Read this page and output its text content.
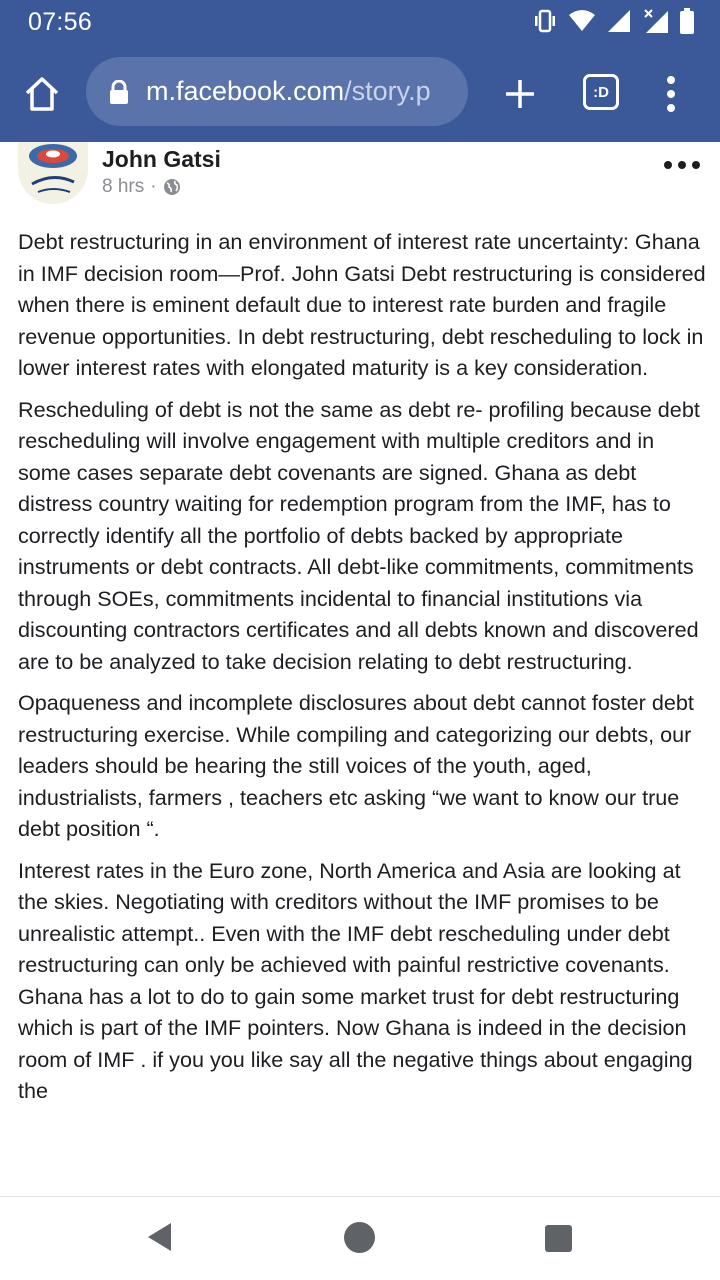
07:56
m.facebook.com /story.p	:D
John Gatsi
8 hrs ·

Debt restructuring in an environment of interest rate uncertainty: Ghana in IMF decision room—Prof. John Gatsi Debt restructuring is considered when there is eminent default due to interest rate burden and fragile revenue opportunities. In debt restructuring, debt rescheduling to lock in lower interest rates with elongated maturity is a key consideration.

Rescheduling of debt is not the same as debt re- profiling because debt rescheduling will involve engagement with multiple creditors and in some cases separate debt covenants are signed. Ghana as debt distress country waiting for redemption program from the IMF, has to correctly identify all the portfolio of debts backed by appropriate instruments or debt contracts. All debt-like commitments, commitments through SOEs, commitments incidental to financial institutions via discounting contractors certificates and all debts known and discovered are to be analyzed to take decision relating to debt restructuring.

Opaqueness and incomplete disclosures about debt cannot foster debt restructuring exercise. While compiling and categorizing our debts, our leaders should be hearing the still voices of the youth, aged, industrialists, farmers , teachers etc asking “we want to know our true debt position “.

Interest rates in the Euro zone, North America and Asia are looking at the skies. Negotiating with creditors without the IMF promises to be unrealistic attempt.. Even with the IMF debt rescheduling under debt restructuring can only be achieved with painful restrictive covenants. Ghana has a lot to do to gain some market trust for debt restructuring which is part of the IMF pointers. Now Ghana is indeed in the decision room of IMF . if you you like say all the negative things about engaging the
